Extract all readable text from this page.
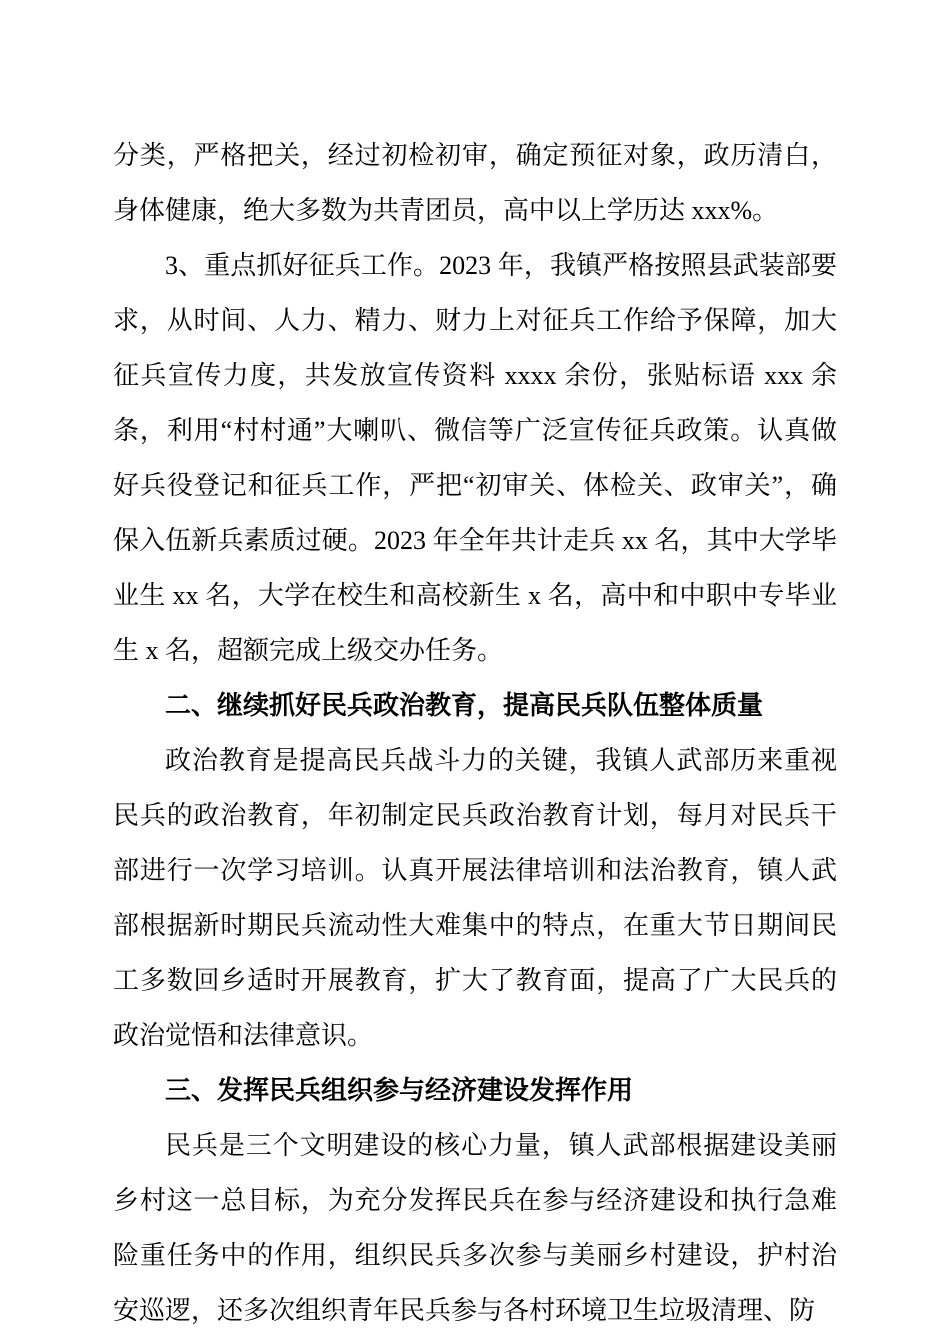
分类，严格把关，经过初检初审，确定预征对象，政历清白，身体健康，绝大多数为共青团员，高中以上学历达 xxx%。

3、重点抓好征兵工作。2023 年，我镇严格按照县武装部要求，从时间、人力、精力、财力上对征兵工作给予保障，加大征兵宣传力度，共发放宣传资料 xxxx 余份，张贴标语 xxx 余条，利用“村村通”大喇叭、微信等广泛宣传征兵政策。认真做好兵役登记和征兵工作，严把“初审关、体检关、政审关”，确保入伍新兵素质过硬。2023 年全年共计走兵 xx 名，其中大学毕业生 xx 名，大学在校生和高校新生 x 名，高中和中职中专毕业生 x 名，超额完成上级交办任务。

二、继续抓好民兵政治教育，提高民兵队伍整体质量

政治教育是提高民兵战斗力的关键，我镇人武部历来重视民兵的政治教育，年初制定民兵政治教育计划，每月对民兵干部进行一次学习培训。认真开展法律培训和法治教育，镇人武部根据新时期民兵流动性大难集中的特点，在重大节日期间民工多数回乡适时开展教育，扩大了教育面，提高了广大民兵的政治觉悟和法律意识。

三、发挥民兵组织参与经济建设发挥作用

民兵是三个文明建设的核心力量，镇人武部根据建设美丽乡村这一总目标，为充分发挥民兵在参与经济建设和执行急难险重任务中的作用，组织民兵多次参与美丽乡村建设，护村治安巡逻，还多次组织青年民兵参与各村环境卫生垃圾清理、防
